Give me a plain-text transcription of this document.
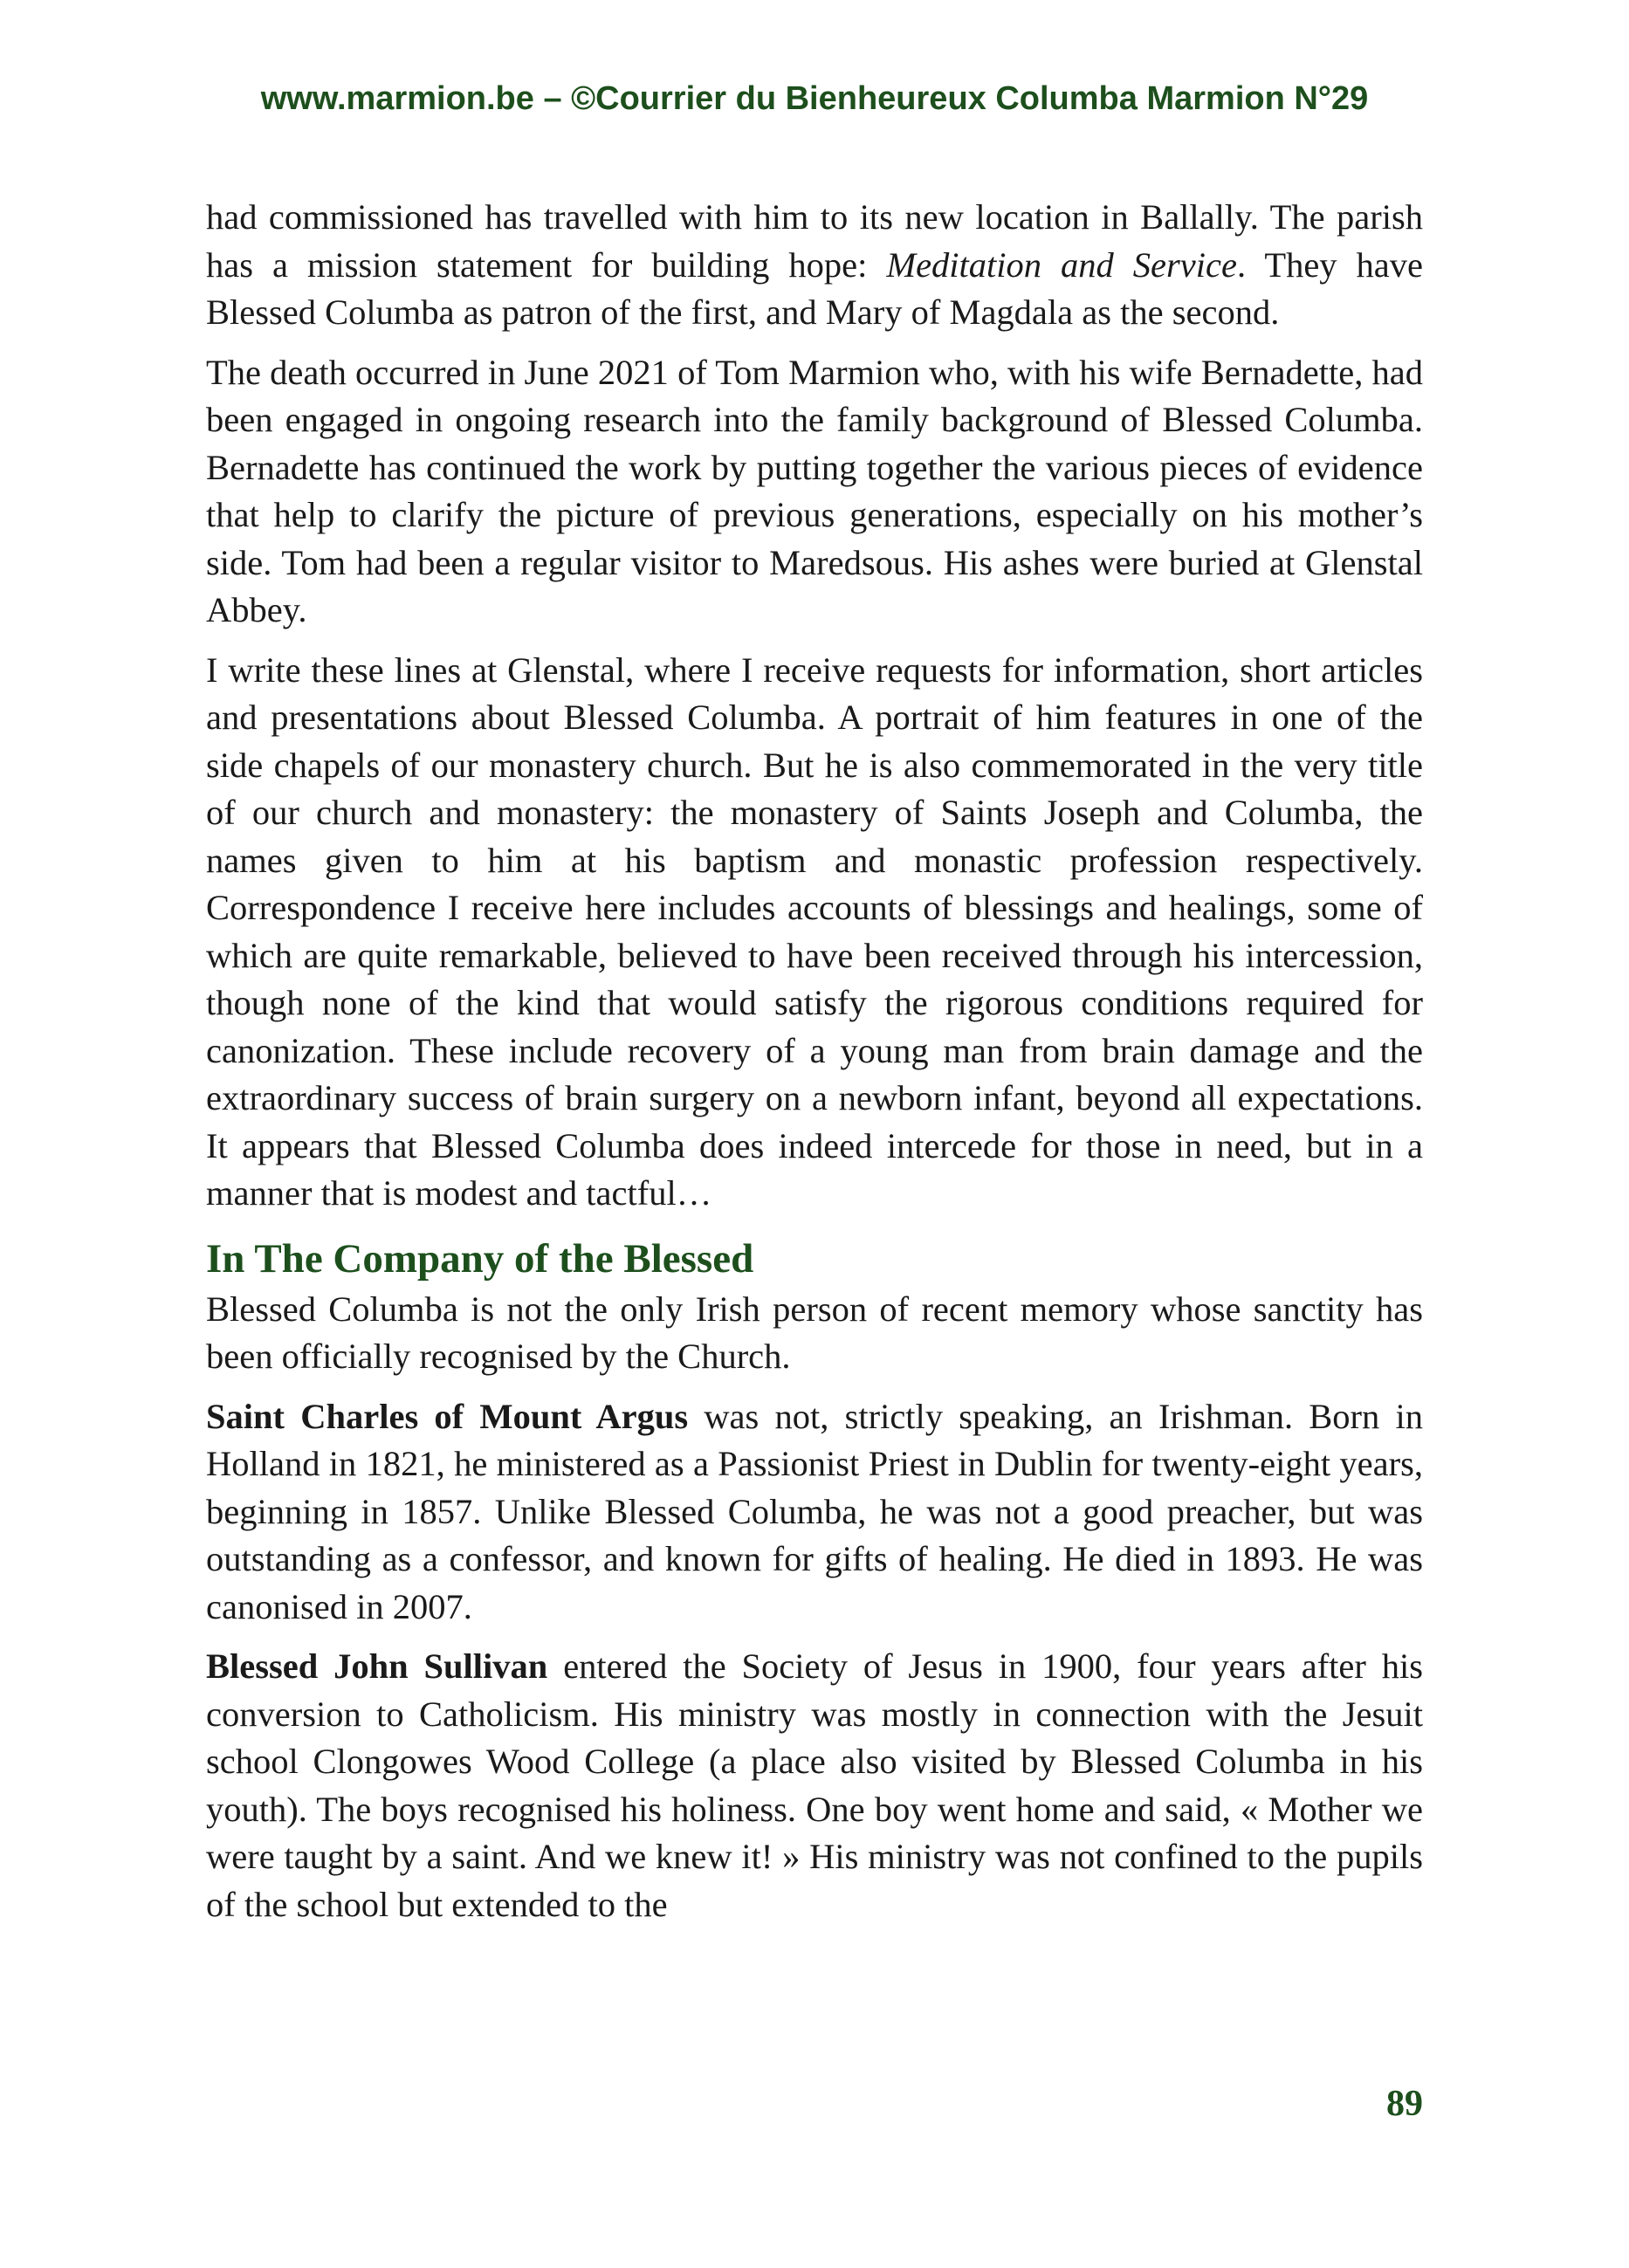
www.marmion.be – ©Courrier du Bienheureux Columba Marmion N°29

had commissioned has travelled with him to its new location in Ballally. The parish has a mission statement for building hope: Meditation and Service. They have Blessed Columba as patron of the first, and Mary of Magdala as the second.

The death occurred in June 2021 of Tom Marmion who, with his wife Bernadette, had been engaged in ongoing research into the family background of Blessed Columba. Bernadette has continued the work by putting together the various pieces of evidence that help to clarify the picture of previous generations, especially on his mother’s side. Tom had been a regular visitor to Maredsous. His ashes were buried at Glenstal Abbey.

I write these lines at Glenstal, where I receive requests for information, short articles and presentations about Blessed Columba. A portrait of him features in one of the side chapels of our monastery church. But he is also commemorated in the very title of our church and monastery: the monastery of Saints Joseph and Columba, the names given to him at his baptism and monastic profession respectively. Correspondence I receive here includes accounts of blessings and healings, some of which are quite remarkable, believed to have been received through his intercession, though none of the kind that would satisfy the rigorous conditions required for canonization. These include recovery of a young man from brain damage and the extraordinary success of brain surgery on a newborn infant, beyond all expectations. It appears that Blessed Columba does indeed intercede for those in need, but in a manner that is modest and tactful…

In The Company of the Blessed

Blessed Columba is not the only Irish person of recent memory whose sanctity has been officially recognised by the Church.

Saint Charles of Mount Argus was not, strictly speaking, an Irishman. Born in Holland in 1821, he ministered as a Passionist Priest in Dublin for twenty-eight years, beginning in 1857. Unlike Blessed Columba, he was not a good preacher, but was outstanding as a confessor, and known for gifts of healing. He died in 1893. He was canonised in 2007.

Blessed John Sullivan entered the Society of Jesus in 1900, four years after his conversion to Catholicism. His ministry was mostly in connection with the Jesuit school Clongowes Wood College (a place also visited by Blessed Columba in his youth). The boys recognised his holiness. One boy went home and said, « Mother we were taught by a saint. And we knew it! » His ministry was not confined to the pupils of the school but extended to the

89
